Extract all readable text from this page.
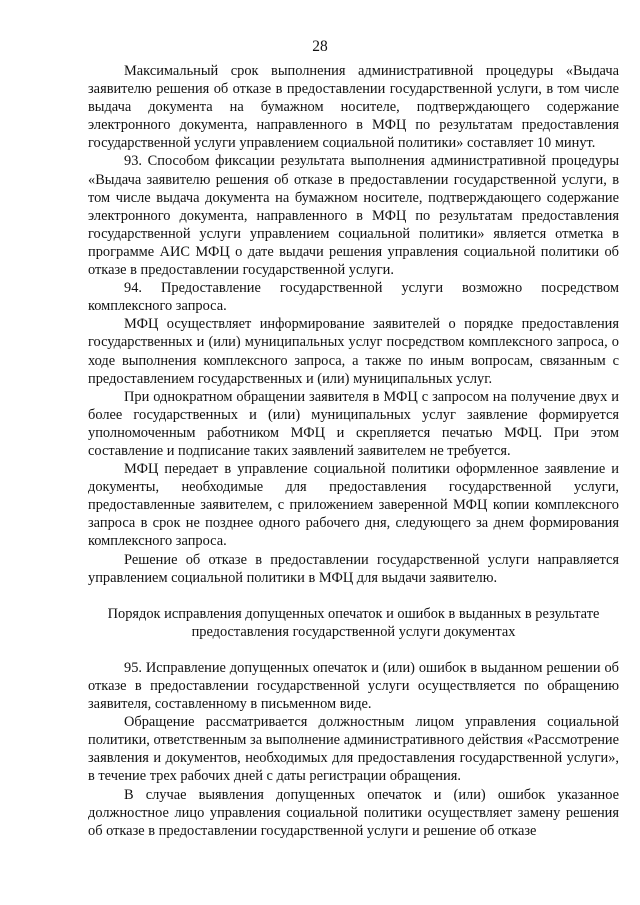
28

Максимальный срок выполнения административной процедуры «Выдача заявителю решения об отказе в предоставлении государственной услуги, в том числе выдача документа на бумажном носителе, подтверждающего содержание электронного документа, направленного в МФЦ по результатам предоставления государственной услуги управлением социальной политики» составляет 10 минут.

93. Способом фиксации результата выполнения административной процедуры «Выдача заявителю решения об отказе в предоставлении государственной услуги, в том числе выдача документа на бумажном носителе, подтверждающего содержание электронного документа, направленного в МФЦ по результатам предоставления государственной услуги управлением социальной политики» является отметка в программе АИС МФЦ о дате выдачи решения управления социальной политики об отказе в предоставлении государственной услуги.

94. Предоставление государственной услуги возможно посредством комплексного запроса.

МФЦ осуществляет информирование заявителей о порядке предоставления государственных и (или) муниципальных услуг посредством комплексного запроса, о ходе выполнения комплексного запроса, а также по иным вопросам, связанным с предоставлением государственных и (или) муниципальных услуг.

При однократном обращении заявителя в МФЦ с запросом на получение двух и более государственных и (или) муниципальных услуг заявление формируется уполномоченным работником МФЦ и скрепляется печатью МФЦ. При этом составление и подписание таких заявлений заявителем не требуется.

МФЦ передает в управление социальной политики оформленное заявление и документы, необходимые для предоставления государственной услуги, предоставленные заявителем, с приложением заверенной МФЦ копии комплексного запроса в срок не позднее одного рабочего дня, следующего за днем формирования комплексного запроса.

Решение об отказе в предоставлении государственной услуги направляется управлением социальной политики в МФЦ для выдачи заявителю.

Порядок исправления допущенных опечаток и ошибок в выданных в результате предоставления государственной услуги документах

95. Исправление допущенных опечаток и (или) ошибок в выданном решении об отказе в предоставлении государственной услуги осуществляется по обращению заявителя, составленному в письменном виде.

Обращение рассматривается должностным лицом управления социальной политики, ответственным за выполнение административного действия «Рассмотрение заявления и документов, необходимых для предоставления государственной услуги», в течение трех рабочих дней с даты регистрации обращения.

В случае выявления допущенных опечаток и (или) ошибок указанное должностное лицо управления социальной политики осуществляет замену решения об отказе в предоставлении государственной услуги и решение об отказе
